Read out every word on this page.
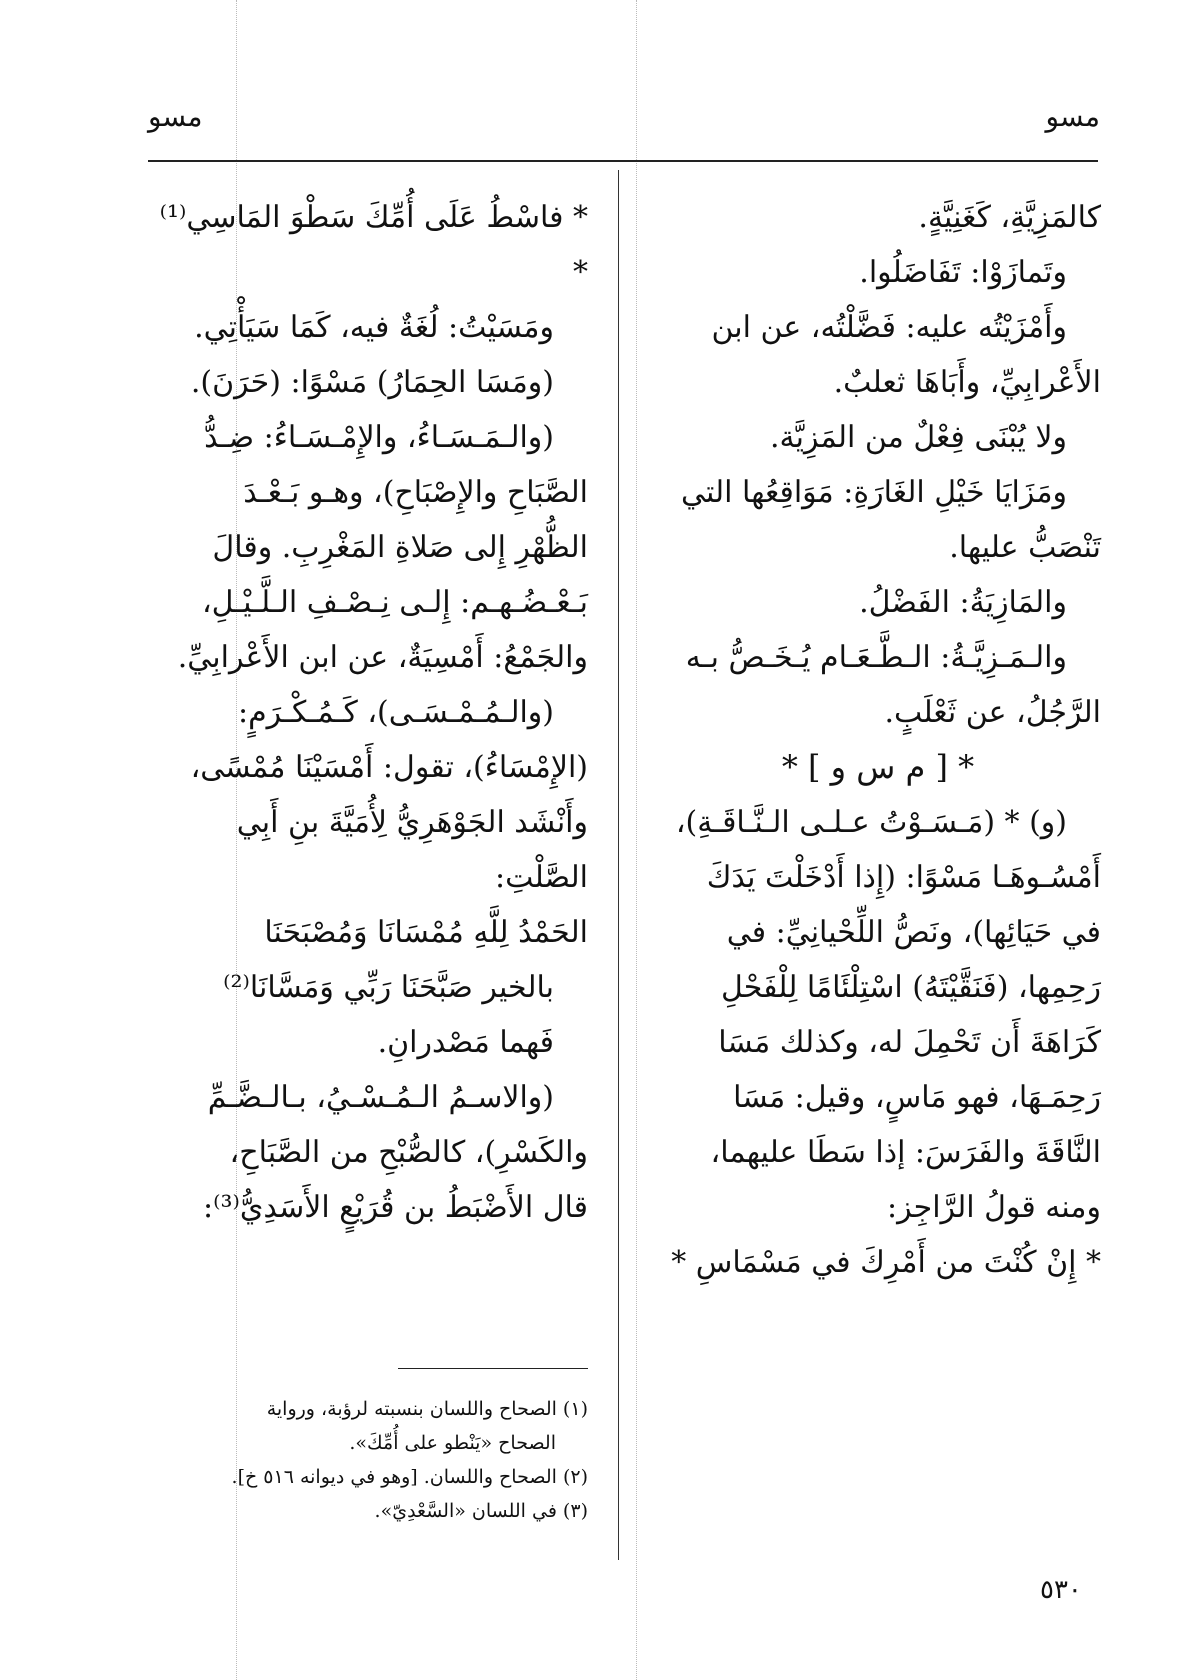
مسو
مسو

كالمَزِيَّةِ، كَغَنِيَّةٍ.

وتَمازَوْا: تَفَاضَلُوا.

وأَمْزَيْتُه عليه: فَضَّلْتُه، عن ابن

الأَعْرابِيِّ، وأَبَاهَا ثعلبٌ.

ولا يُبْنَى فِعْلٌ من المَزِيَّة.

ومَزَايَا خَيْلِ الغَارَةِ: مَوَاقِعُها التي

تَنْصَبُّ عليها.

والمَازِيَةُ: الفَضْلُ.

والـمَـزِيَّـةُ: الـطَّـعَـام يُـخَـصُّ بـه

الرَّجُلُ، عن ثَعْلَبٍ.

* [ م س و ] *

(و) * (مَـسَـوْتُ عـلـى الـنَّـاقَـةِ)،

أَمْسُـوهَـا مَسْوًا: (إِذا أَدْخَلْتَ يَدَكَ

في حَيَائِها)، ونَصُّ اللِّحْيانِيِّ: في

رَحِمِها، (فَنَقَّيْتَهُ) اسْتِلْئَامًا لِلْفَحْلِ

كَرَاهَةَ أَن تَحْمِلَ له، وكذلك مَسَا

رَحِمَـهَا، فهو مَاسٍ، وقيل: مَسَا

النَّاقَةَ والفَرَسَ: إذا سَطَا عليهما،

ومنه قولُ الرَّاجِز:

* إِنْ كُنْتَ من أَمْرِكَ في مَسْمَاسِ *

* فاسْطُ عَلَى أُمِّكَ سَطْوَ المَاسِي⁽¹⁾ *

ومَسَيْتُ: لُغَةٌ فيه، كَمَا سَيَأْتِي.

(ومَسَا الحِمَارُ) مَسْوًا: (حَرَنَ).

(والـمَـسَـاءُ، والإِمْـسَـاءُ: ضِـدُّ

الصَّبَاحِ والإِصْبَاحِ)، وهـو بَـعْـدَ

الظُّهْرِ إِلى صَلاةِ المَغْرِبِ. وقالَ

بَـعْـضُـهـم: إِلـى نِـصْـفِ الـلَّـيْـلِ،

والجَمْعُ: أَمْسِيَةٌ، عن ابن الأَعْرابِيِّ.

(والـمُـمْـسَـى)، كَـمُـكْـرَمٍ:

(الإِمْسَاءُ)، تقول: أَمْسَيْنَا مُمْسًى،

وأَنْشَد الجَوْهَرِيُّ لِأُمَيَّةَ بنِ أَبِي

الصَّلْتِ:

الحَمْدُ لِلَّهِ مُمْسَانَا وَمُصْبَحَنَا

بالخير صَبَّحَنَا رَبِّي وَمَسَّانَا⁽²⁾

فَهما مَصْدرانِ.

(والاسـمُ الـمُـسْـيُ، بـالـضَّـمِّ

والكَسْرِ)، كالصُّبْحِ من الصَّبَاحِ،

قال الأَضْبَطُ بن قُرَيْعٍ الأَسَدِيُّ⁽³⁾:

(١) الصحاح واللسان بنسبته لرؤبة، ورواية

الصحاح «يَنْطو على أُمِّكَ».

(٢) الصحاح واللسان. [وهو في ديوانه ٥١٦ خ].

(٣) في اللسان «السَّعْدِيّ».

٥٣٠
